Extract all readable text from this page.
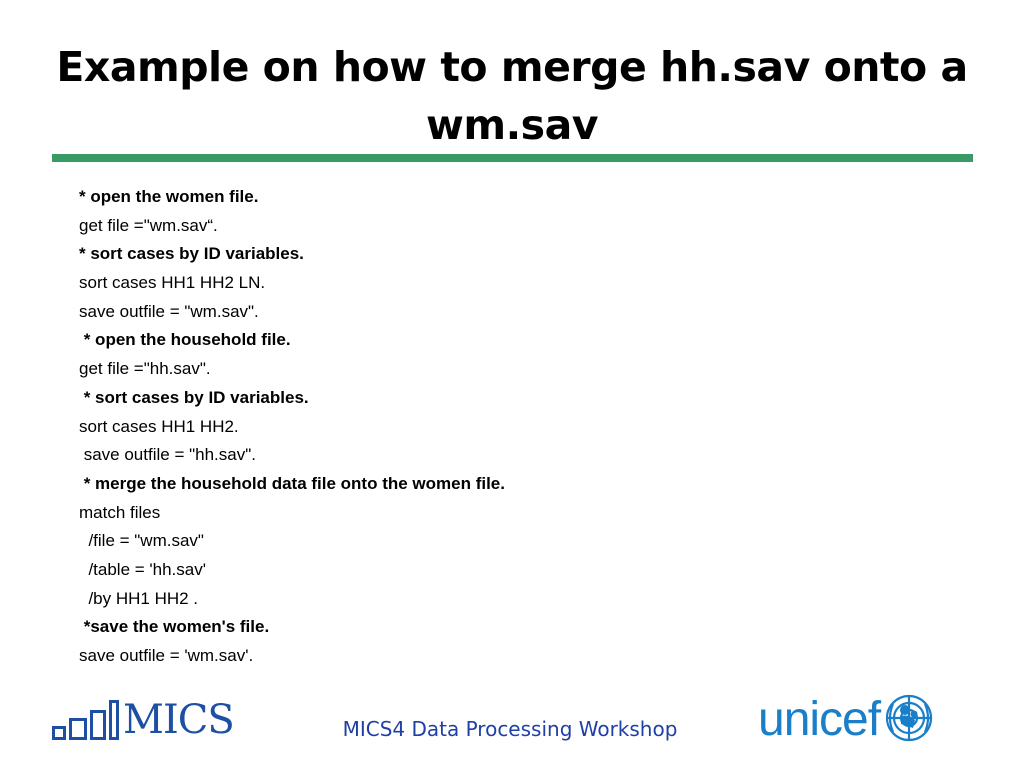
Example on how to merge hh.sav onto a wm.sav
* open the women file.
get file ="wm.sav“.
* sort cases by ID variables.
sort cases HH1 HH2 LN.
save outfile = "wm.sav".
* open the household file.
get file ="hh.sav".
* sort cases by ID variables.
sort cases HH1 HH2.
save outfile = "hh.sav".
* merge the household data file onto the women file.
match files
/file = "wm.sav"
/table = 'hh.sav'
/by HH1 HH2 .
*save the women's file.
save outfile = 'wm.sav'.
MICS	MICS4 Data Processing Workshop	unicef
